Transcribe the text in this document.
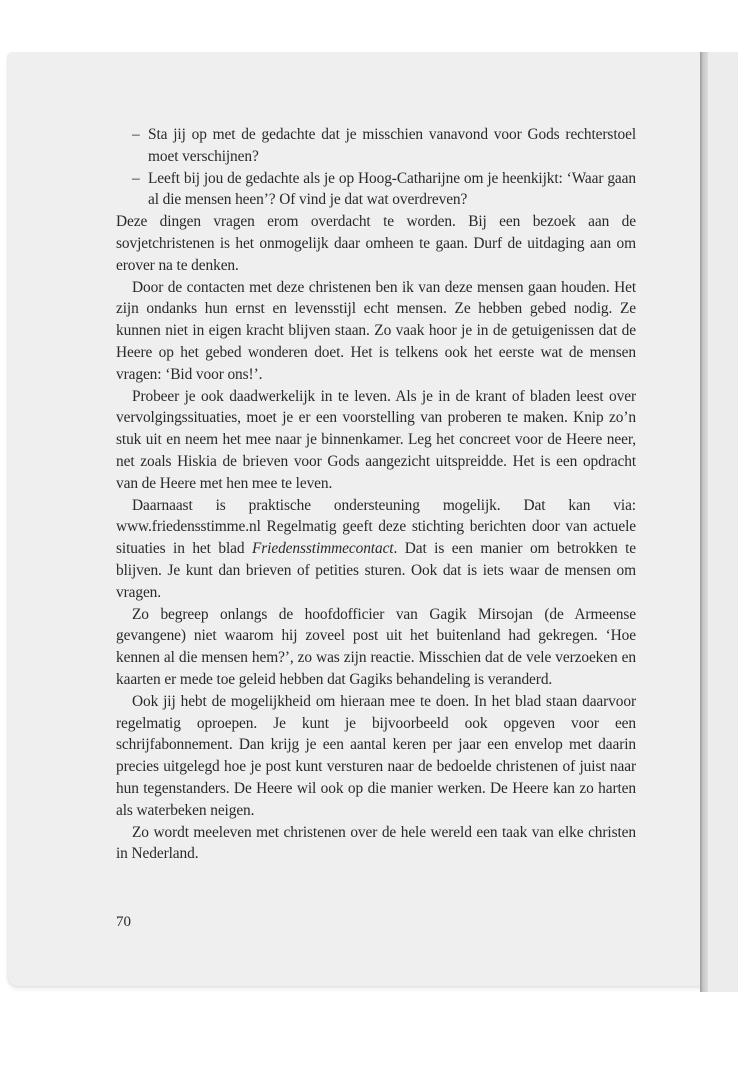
– Sta jij op met de gedachte dat je misschien vanavond voor Gods rechterstoel moet verschijnen?
– Leeft bij jou de gedachte als je op Hoog-Catharijne om je heenkijkt: ‘Waar gaan al die mensen heen’? Of vind je dat wat overdreven?

Deze dingen vragen erom overdacht te worden. Bij een bezoek aan de sovjetchristenen is het onmogelijk daar omheen te gaan. Durf de uitdaging aan om erover na te denken.

Door de contacten met deze christenen ben ik van deze mensen gaan houden. Het zijn ondanks hun ernst en levensstijl echt mensen. Ze hebben gebed nodig. Ze kunnen niet in eigen kracht blijven staan. Zo vaak hoor je in de getuigenissen dat de Heere op het gebed wonderen doet. Het is telkens ook het eerste wat de mensen vragen: ‘Bid voor ons!’.

Probeer je ook daadwerkelijk in te leven. Als je in de krant of bladen leest over vervolgingssituaties, moet je er een voorstelling van proberen te maken. Knip zo’n stuk uit en neem het mee naar je binnenkamer. Leg het concreet voor de Heere neer, net zoals Hiskia de brieven voor Gods aangezicht uitspreidde. Het is een opdracht van de Heere met hen mee te leven.

Daarnaast is praktische ondersteuning mogelijk. Dat kan via: www.friedensstimme.nl Regelmatig geeft deze stichting berichten door van actuele situaties in het blad Friedensstimmecontact. Dat is een manier om betrokken te blijven. Je kunt dan brieven of petities sturen. Ook dat is iets waar de mensen om vragen.

Zo begreep onlangs de hoofdofficier van Gagik Mirsojan (de Armeense gevangene) niet waarom hij zoveel post uit het buitenland had gekregen. ‘Hoe kennen al die mensen hem?’, zo was zijn reactie. Misschien dat de vele verzoeken en kaarten er mede toe geleid hebben dat Gagiks behandeling is veranderd.

Ook jij hebt de mogelijkheid om hieraan mee te doen. In het blad staan daarvoor regelmatig oproepen. Je kunt je bijvoorbeeld ook opgeven voor een schrijfabonnement. Dan krijg je een aantal keren per jaar een envelop met daarin precies uitgelegd hoe je post kunt versturen naar de bedoelde christenen of juist naar hun tegenstanders. De Heere wil ook op die manier werken. De Heere kan zo harten als waterbeken neigen.

Zo wordt meeleven met christenen over de hele wereld een taak van elke christen in Nederland.

70
